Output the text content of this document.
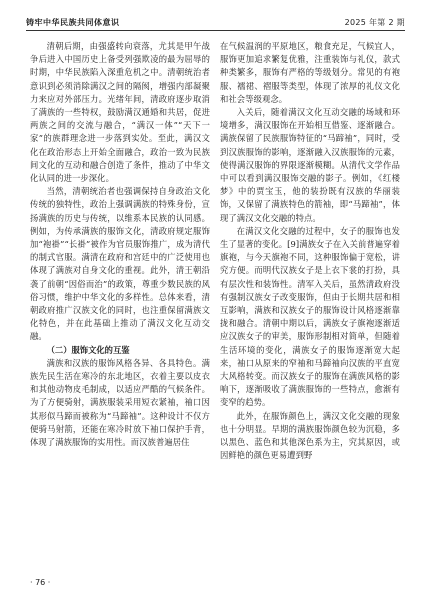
铸牢中华民族共同体意识	2025 年第 2 期

清朝后期，由强盛转向衰落，尤其是甲午战争后进入中国历史上备受列强欺凌的最为屈辱的时期，中华民族陷入深重危机之中。清朝统治者意识到必须消除满汉之间的隔阂，增强内部凝聚力来应对外部压力。光绪年间，清政府逐步取消了满族的一些特权，鼓励满汉通婚和共居，促进两族之间的交流与融合，“满汉一体”“天下一家”的族群理念进一步落到实处。至此，满汉文化在政治形态上开始全面融合，政治一致为民族间文化的互动和融合创造了条件，推动了中华文化认同的进一步深化。

当然，清朝统治者也强调保持自身政治文化传统的独特性，政治上强调满族的特殊身份，宣扬满族的历史与传统，以维系本民族的认同感。例如，为传承满族的服饰文化，清政府规定服饰加“袍褂”“长褂”被作为官员服饰推广，成为清代的制式官服。满清在政府和宫廷中的广泛使用也体现了满族对自身文化的重视。此外，清王朝沿袭了前朝“因俗而治”的政策，尊重少数民族的风俗习惯，维护中华文化的多样性。总体来看，清朝政府推广汉族文化的同时，也注重保留满族文化特色，并在此基础上推动了满汉文化互动交融。

（二）服饰文化的互鉴

满族和汉族的服饰风格各异、各具特色。满族先民生活在寒冷的东北地区，衣着主要以皮衣和其他动物皮毛制成，以适应严酷的气候条件。为了方便骑射，满族服装采用短衣紧袖，袖口因其形似马蹄而被称为“马蹄袖”。这种设计不仅方便骑马射箭，还能在寒冷时放下袖口保护手背，体现了满族服饰的实用性。而汉族普遍居住

在气候温润的平原地区，粮食充足，气候宜人，服饰更加追求繁复优雅，注重装饰与礼仪，款式种类繁多，服饰有严格的等级划分。常见的有袍服、襦裙、褶服等类型，体现了浓厚的礼仪文化和社会等级观念。

入关后，随着满汉文化互动交融的场域和环境增多，满汉服饰在开始相互借鉴、逐渐融合。满族保留了民族服饰特征的“马蹄袖”，同时，受到汉族服饰的影响，逐渐融入汉族服饰的元素，使得满汉服饰的界限逐渐模糊。从清代文学作品中可以看到满汉服饰交融的影子。例如，《红楼梦》中的贾宝玉，他的装扮既有汉族的华丽装饰，又保留了满族特色的箭袖，即“马蹄袖”，体现了满汉文化交融的特点。

在满汉文化交融的过程中，女子的服饰也发生了显著的变化。[9]满族女子在入关前普遍穿着旗袍，与今天旗袍不同，这种服饰偏于宽松，讲究方便。而明代汉族女子是上衣下裳的打扮，具有层次性和装饰性。清军入关后，虽然清政府没有强制汉族女子改变服饰，但由于长期共居和相互影响，满族和汉族女子的服饰设计风格逐渐靠拢和融合。清朝中期以后，满族女子旗袍逐渐适应汉族女子的审美，服饰形制相对简单，但随着生活环境的变化，满族女子的服饰逐渐宽大起来，袖口从原来的窄袖和马蹄袖向汉族的平直宽大风格转变。而汉族女子的服饰在满族风格的影响下，逐渐吸收了满族服饰的一些特点，愈渐有变窄的趋势。

此外，在服饰颜色上，满汉文化交融的现象也十分明显。早期的满族服饰颜色较为沉稳，多以黑色、蓝色和其他深色系为主，究其原因，或因鲜艳的颜色更易遭到野

· 76 ·
